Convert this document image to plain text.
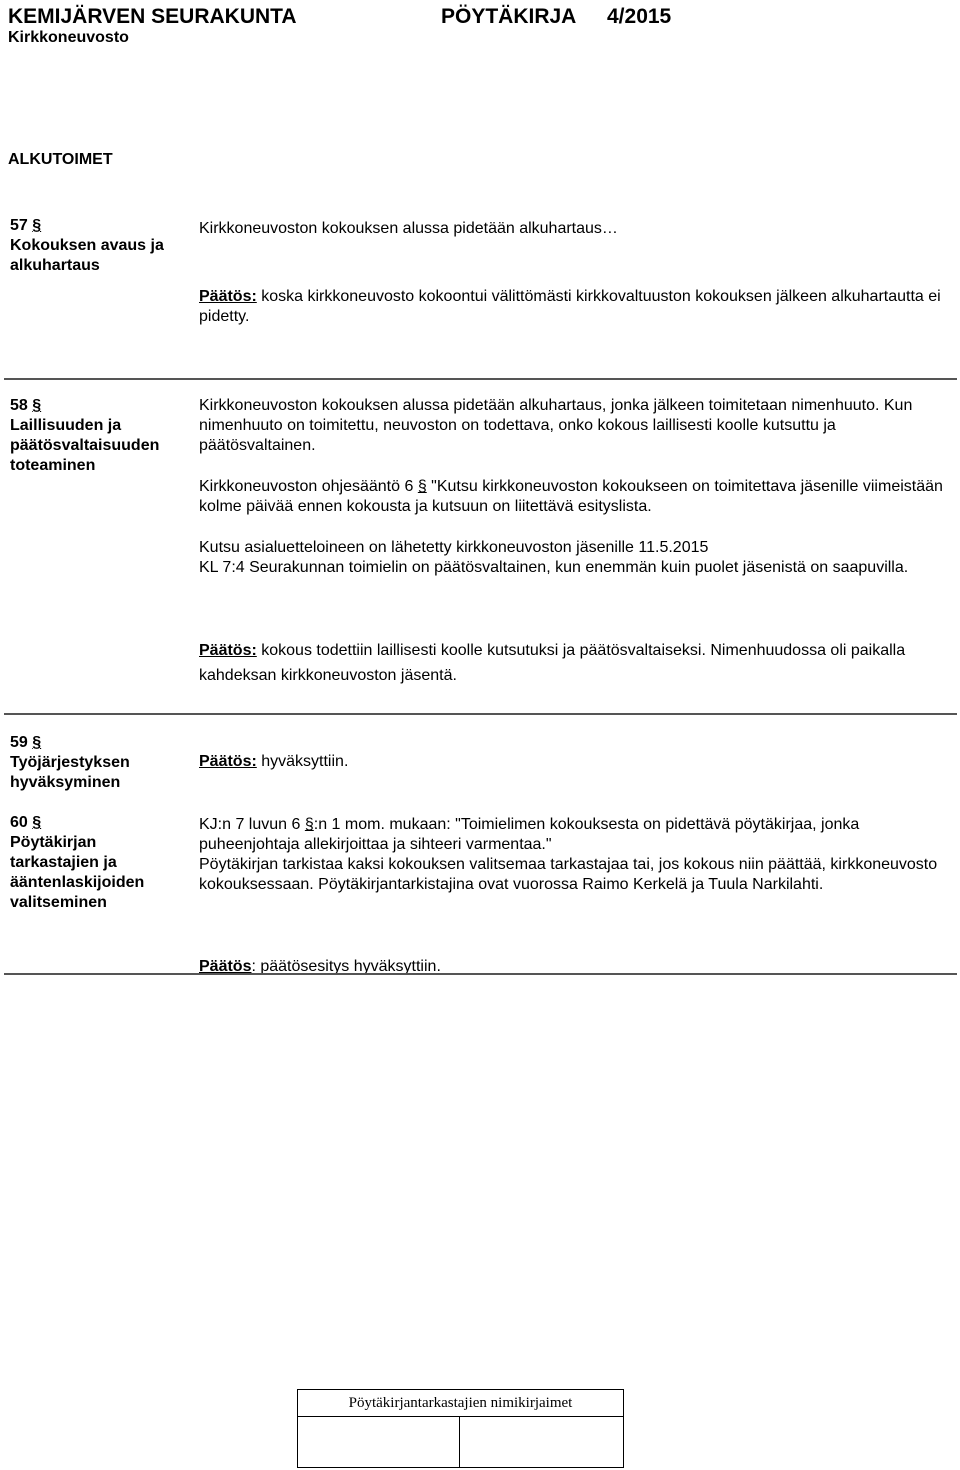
KEMIJÄRVEN SEURAKUNTA	PÖYTÄKIRJA 4/2015
Kirkkoneuvosto
ALKUTOIMET
57 §
Kokouksen avaus ja alkuhartaus
Kirkkoneuvoston kokouksen alussa pidetään alkuhartaus…
Päätös: koska kirkkoneuvosto kokoontui välittömästi kirkkovaltuuston kokouksen jälkeen alkuhartautta ei pidetty.
58 §
Laillisuuden ja päätösvaltaisuuden toteaminen
Kirkkoneuvoston kokouksen alussa pidetään alkuhartaus, jonka jälkeen toimitetaan nimenhuuto. Kun nimenhuuto on toimitettu, neuvoston on todettava, onko kokous laillisesti koolle kutsuttu ja päätösvaltainen.
Kirkkoneuvoston ohjesääntö 6 § "Kutsu kirkkoneuvoston kokoukseen on toimitettava jäsenille viimeistään kolme päivää ennen kokousta ja kutsuun on liitettävä esityslista.
Kutsu asialuetteloineen on lähetetty kirkkoneuvoston jäsenille 11.5.2015
KL 7:4 Seurakunnan toimielin on päätösvaltainen, kun enemmän kuin puolet jäsenistä on saapuvilla.
Päätös: kokous todettiin laillisesti koolle kutsutuksi ja päätösvaltaiseksi. Nimenhuudossa oli paikalla kahdeksan kirkkoneuvoston jäsentä.
59 §
Työjärjestyksen hyväksyminen
Päätös: hyväksyttiin.
60 §
Pöytäkirjan tarkastajien ja ääntenlaskijoiden valitseminen
KJ:n 7 luvun 6 §:n 1 mom. mukaan: "Toimielimen kokouksesta on pidettävä pöytäkirjaa, jonka puheenjohtaja allekirjoittaa ja sihteeri varmentaa."
Pöytäkirjan tarkistaa kaksi kokouksen valitsemaa tarkastajaa tai, jos kokous niin päättää, kirkkoneuvosto kokouksessaan. Pöytäkirjantarkistajina ovat vuorossa Raimo Kerkelä ja Tuula Narkilahti.
Päätös: päätösesitys hyväksyttiin.
Pöytäkirjantarkastajien nimikirjaimet
